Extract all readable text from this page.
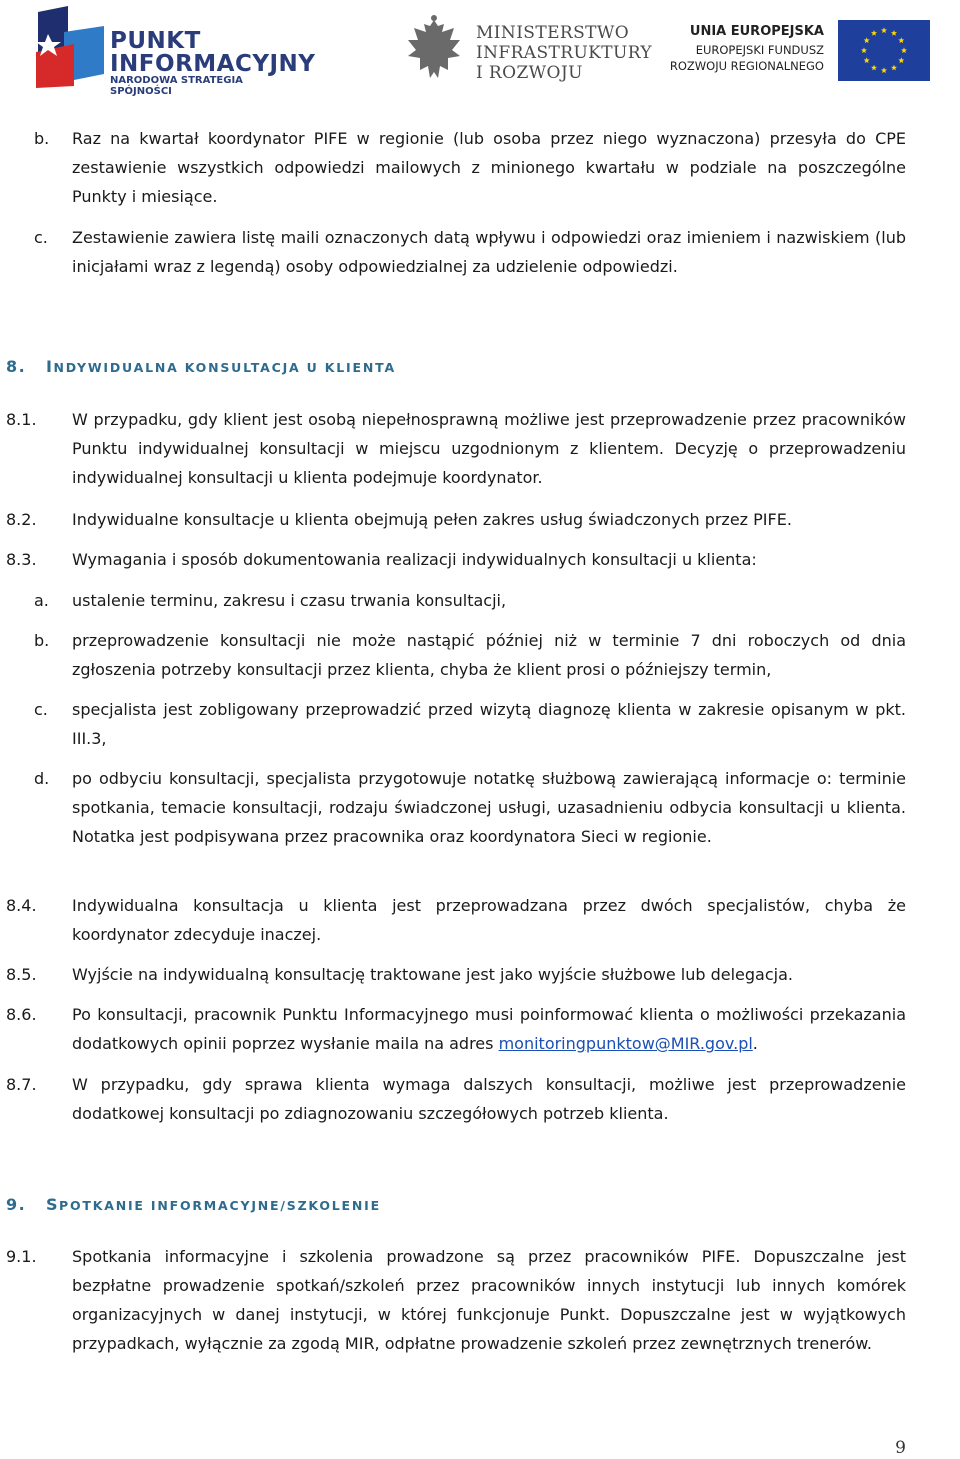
PUNKT
INFORMACYJNY
NARODOWA STRATEGIA SPÓJNOŚCI
MINISTERSTWO
INFRASTRUKTURY
I ROZWOJU
UNIA EUROPEJSKA
EUROPEJSKI FUNDUSZ
ROZWOJU REGIONALNEGO
b. Raz na kwartał koordynator PIFE w regionie (lub osoba przez niego wyznaczona) przesyła do CPE zestawienie wszystkich odpowiedzi mailowych z minionego kwartału w podziale na poszczególne Punkty i miesiące.
c. Zestawienie zawiera listę maili oznaczonych datą wpływu i odpowiedzi oraz imieniem i nazwiskiem (lub inicjałami wraz z legendą) osoby odpowiedzialnej za udzielenie odpowiedzi.
8. INDYWIDUALNA KONSULTACJA U KLIENTA
8.1. W przypadku, gdy klient jest osobą niepełnosprawną możliwe jest przeprowadzenie przez pracowników Punktu indywidualnej konsultacji w miejscu uzgodnionym z klientem. Decyzję o przeprowadzeniu indywidualnej konsultacji u klienta podejmuje koordynator.
8.2. Indywidualne konsultacje u klienta obejmują pełen zakres usług świadczonych przez PIFE.
8.3. Wymagania i sposób dokumentowania realizacji indywidualnych konsultacji u klienta:
a. ustalenie terminu, zakresu i czasu trwania konsultacji,
b. przeprowadzenie konsultacji nie może nastąpić później niż w terminie 7 dni roboczych od dnia zgłoszenia potrzeby konsultacji przez klienta, chyba że klient prosi o późniejszy termin,
c. specjalista jest zobligowany przeprowadzić przed wizytą diagnozę klienta w zakresie opisanym w pkt. III.3,
d. po odbyciu konsultacji, specjalista przygotowuje notatkę służbową zawierającą informacje o: terminie spotkania, temacie konsultacji, rodzaju świadczonej usługi, uzasadnieniu odbycia konsultacji u klienta. Notatka jest podpisywana przez pracownika oraz koordynatora Sieci w regionie.
8.4. Indywidualna konsultacja u klienta jest przeprowadzana przez dwóch specjalistów, chyba że koordynator zdecyduje inaczej.
8.5. Wyjście na indywidualną konsultację traktowane jest jako wyjście służbowe lub delegacja.
8.6. Po konsultacji, pracownik Punktu Informacyjnego musi poinformować klienta o możliwości przekazania dodatkowych opinii poprzez wysłanie maila na adres monitoringpunktow@MIR.gov.pl.
8.7. W przypadku, gdy sprawa klienta wymaga dalszych konsultacji, możliwe jest przeprowadzenie dodatkowej konsultacji po zdiagnozowaniu szczegółowych potrzeb klienta.
9. SPOTKANIE INFORMACYJNE/SZKOLENIE
9.1. Spotkania informacyjne i szkolenia prowadzone są przez pracowników PIFE. Dopuszczalne jest bezpłatne prowadzenie spotkań/szkoleń przez pracowników innych instytucji lub innych komórek organizacyjnych w danej instytucji, w której funkcjonuje Punkt. Dopuszczalne jest w wyjątkowych przypadkach, wyłącznie za zgodą MIR, odpłatne prowadzenie szkoleń przez zewnętrznych trenerów.
9
